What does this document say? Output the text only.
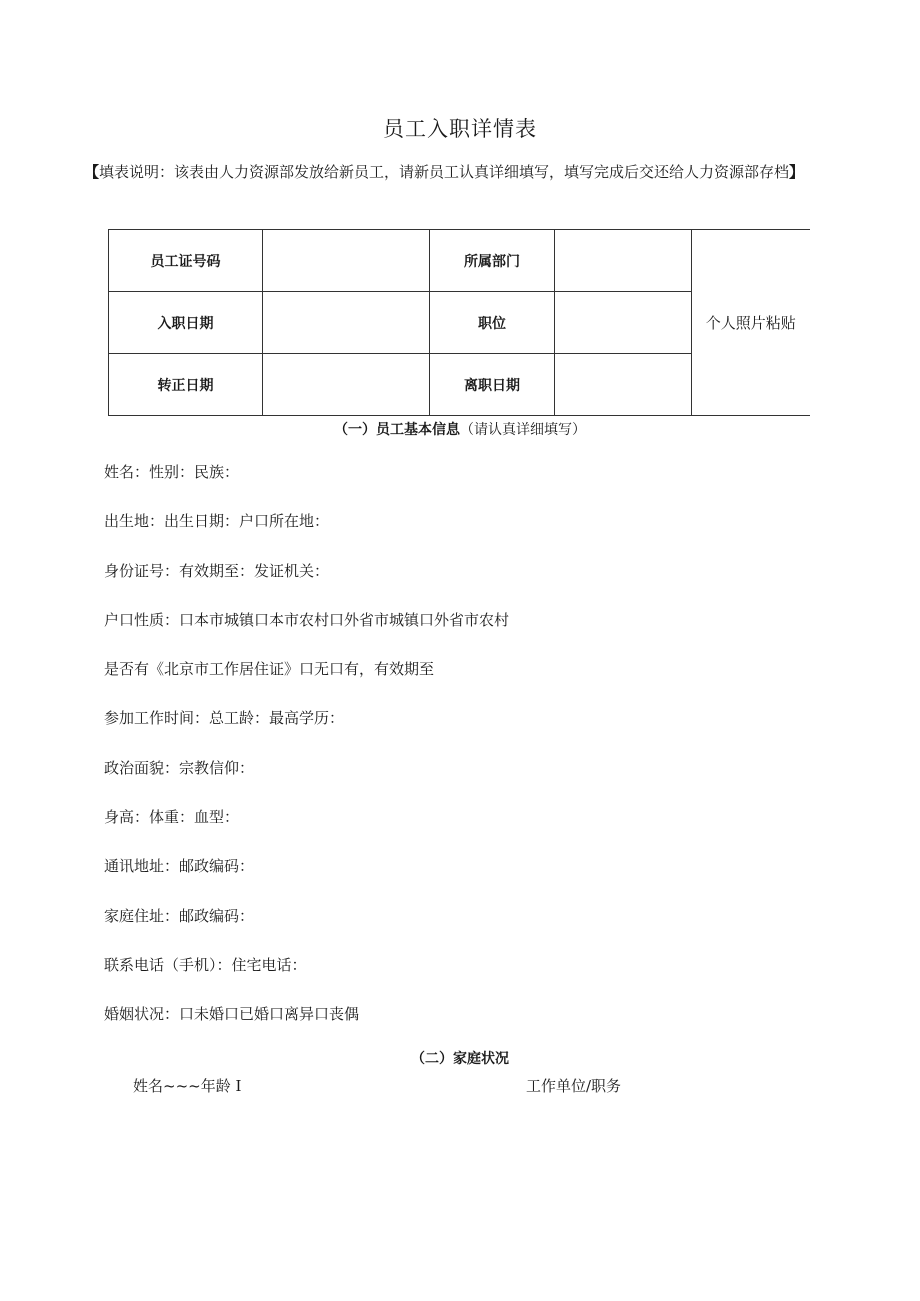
员工入职详情表
【填表说明：该表由人力资源部发放给新员工，请新员工认真详细填写，填写完成后交还给人力资源部存档】
员工证号码		所属部门		个人照片粘贴
入职日期		职位		
转正日期		离职日期		
（一）员工基本信息（请认真详细填写）
姓名：性别：民族：
出生地：出生日期：户口所在地：
身份证号：有效期至：发证机关：
户口性质：口本市城镇口本市农村口外省市城镇口外省市农村
是否有《北京市工作居住证》口无口有，有效期至
参加工作时间：总工龄：最高学历：
政治面貌：宗教信仰：
身高：体重：血型：
通讯地址：邮政编码：
家庭住址：邮政编码：
联系电话（手机）：住宅电话：
婚姻状况：口未婚口已婚口离异口丧偶
（二）家庭状况
姓名~~~年龄 I	工作单位/职务
